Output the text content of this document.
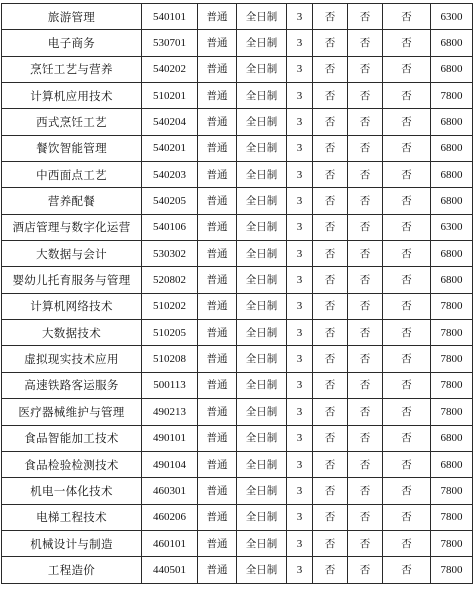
旅游管理	540101	普通	全日制	3	否	否	否	6300
电子商务	530701	普通	全日制	3	否	否	否	6800
烹饪工艺与营养	540202	普通	全日制	3	否	否	否	6800
计算机应用技术	510201	普通	全日制	3	否	否	否	7800
西式烹饪工艺	540204	普通	全日制	3	否	否	否	6800
餐饮智能管理	540201	普通	全日制	3	否	否	否	6800
中西面点工艺	540203	普通	全日制	3	否	否	否	6800
营养配餐	540205	普通	全日制	3	否	否	否	6800
酒店管理与数字化运营	540106	普通	全日制	3	否	否	否	6300
大数据与会计	530302	普通	全日制	3	否	否	否	6800
婴幼儿托育服务与管理	520802	普通	全日制	3	否	否	否	6800
计算机网络技术	510202	普通	全日制	3	否	否	否	7800
大数据技术	510205	普通	全日制	3	否	否	否	7800
虚拟现实技术应用	510208	普通	全日制	3	否	否	否	7800
高速铁路客运服务	500113	普通	全日制	3	否	否	否	7800
医疗器械维护与管理	490213	普通	全日制	3	否	否	否	7800
食品智能加工技术	490101	普通	全日制	3	否	否	否	6800
食品检验检测技术	490104	普通	全日制	3	否	否	否	6800
机电一体化技术	460301	普通	全日制	3	否	否	否	7800
电梯工程技术	460206	普通	全日制	3	否	否	否	7800
机械设计与制造	460101	普通	全日制	3	否	否	否	7800
工程造价	440501	普通	全日制	3	否	否	否	7800
